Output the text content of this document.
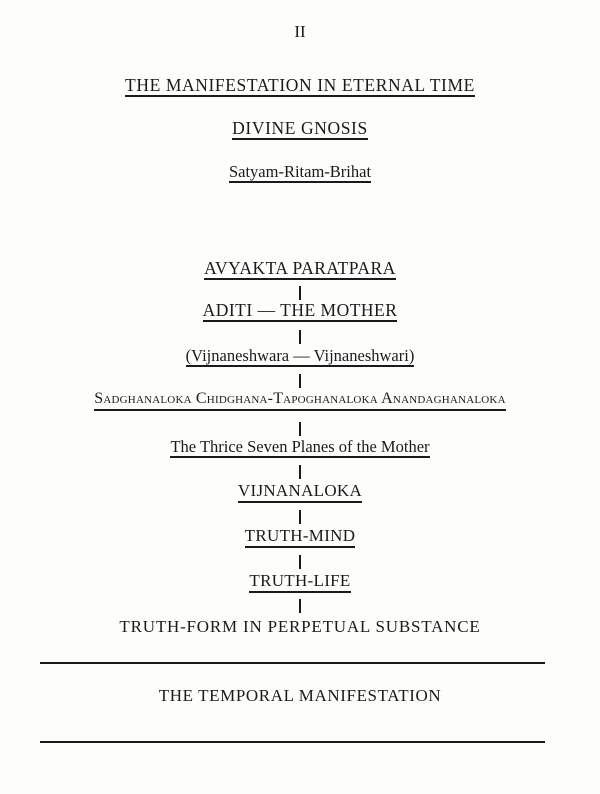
II
THE MANIFESTATION IN ETERNAL TIME
DIVINE GNOSIS
Satyam-Ritam-Brihat
AVYAKTA PARATPARA
ADITI — THE MOTHER
(Vijnaneshwara — Vijnaneshwari)
Sadghanaloka Chidghana-Tapoghanaloka Anandaghanaloka
The Thrice Seven Planes of the Mother
VIJNANALOKA
TRUTH-MIND
TRUTH-LIFE
TRUTH-FORM IN PERPETUAL SUBSTANCE
THE TEMPORAL MANIFESTATION
